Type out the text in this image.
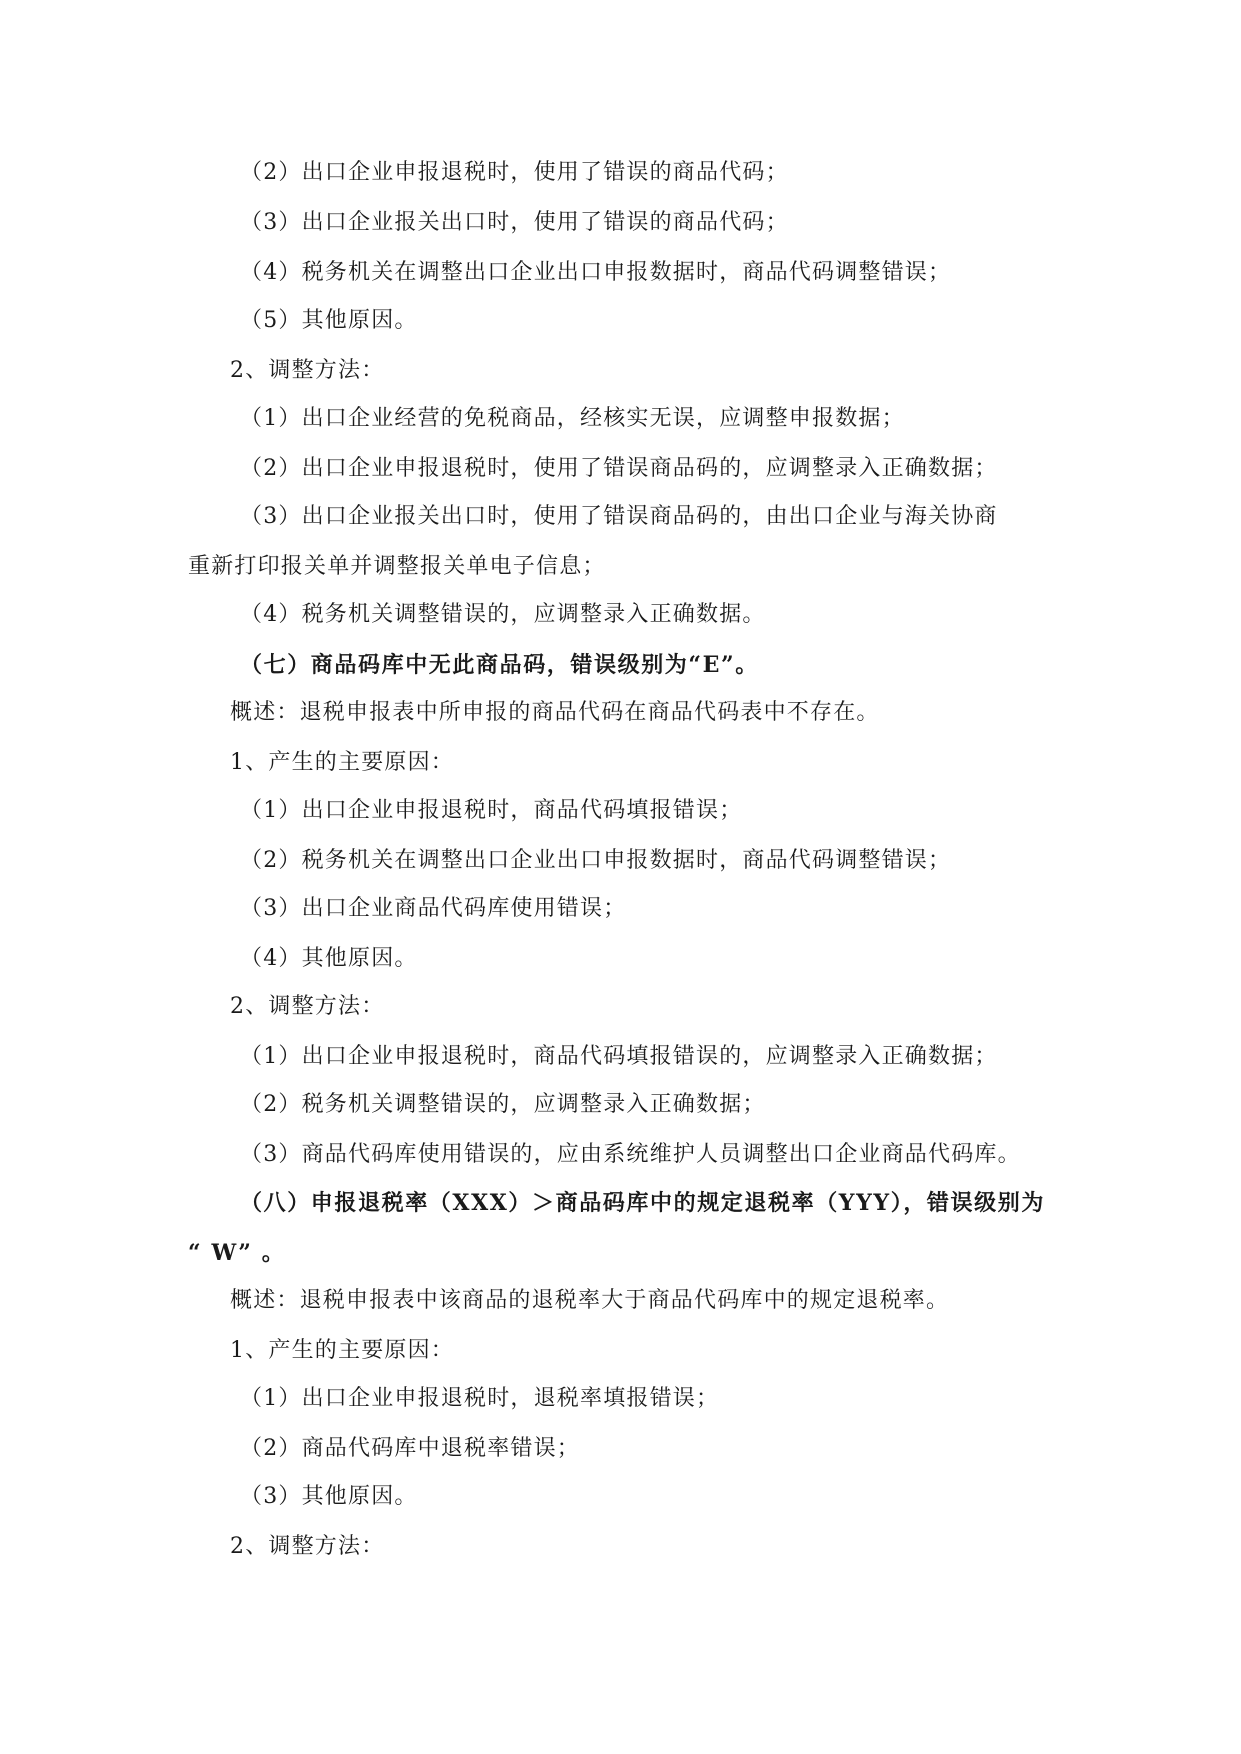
（2）出口企业申报退税时，使用了错误的商品代码；
（3）出口企业报关出口时，使用了错误的商品代码；
（4）税务机关在调整出口企业出口申报数据时，商品代码调整错误；
（5）其他原因。
2、调整方法：
（1）出口企业经营的免税商品，经核实无误，应调整申报数据；
（2）出口企业申报退税时，使用了错误商品码的，应调整录入正确数据；
（3）出口企业报关出口时，使用了错误商品码的，由出口企业与海关协商
重新打印报关单并调整报关单电子信息；
（4）税务机关调整错误的，应调整录入正确数据。
（七）商品码库中无此商品码，错误级别为“E”。
概述：退税申报表中所申报的商品代码在商品代码表中不存在。
1、产生的主要原因：
（1）出口企业申报退税时，商品代码填报错误；
（2）税务机关在调整出口企业出口申报数据时，商品代码调整错误；
（3）出口企业商品代码库使用错误；
（4）其他原因。
2、调整方法：
（1）出口企业申报退税时，商品代码填报错误的，应调整录入正确数据；
（2）税务机关调整错误的，应调整录入正确数据；
（3）商品代码库使用错误的，应由系统维护人员调整出口企业商品代码库。
（八）申报退税率（XXX）＞商品码库中的规定退税率（YYY），错误级别为
“ W” 。
概述：退税申报表中该商品的退税率大于商品代码库中的规定退税率。
1、产生的主要原因：
（1）出口企业申报退税时，退税率填报错误；
（2）商品代码库中退税率错误；
（3）其他原因。
2、调整方法：
